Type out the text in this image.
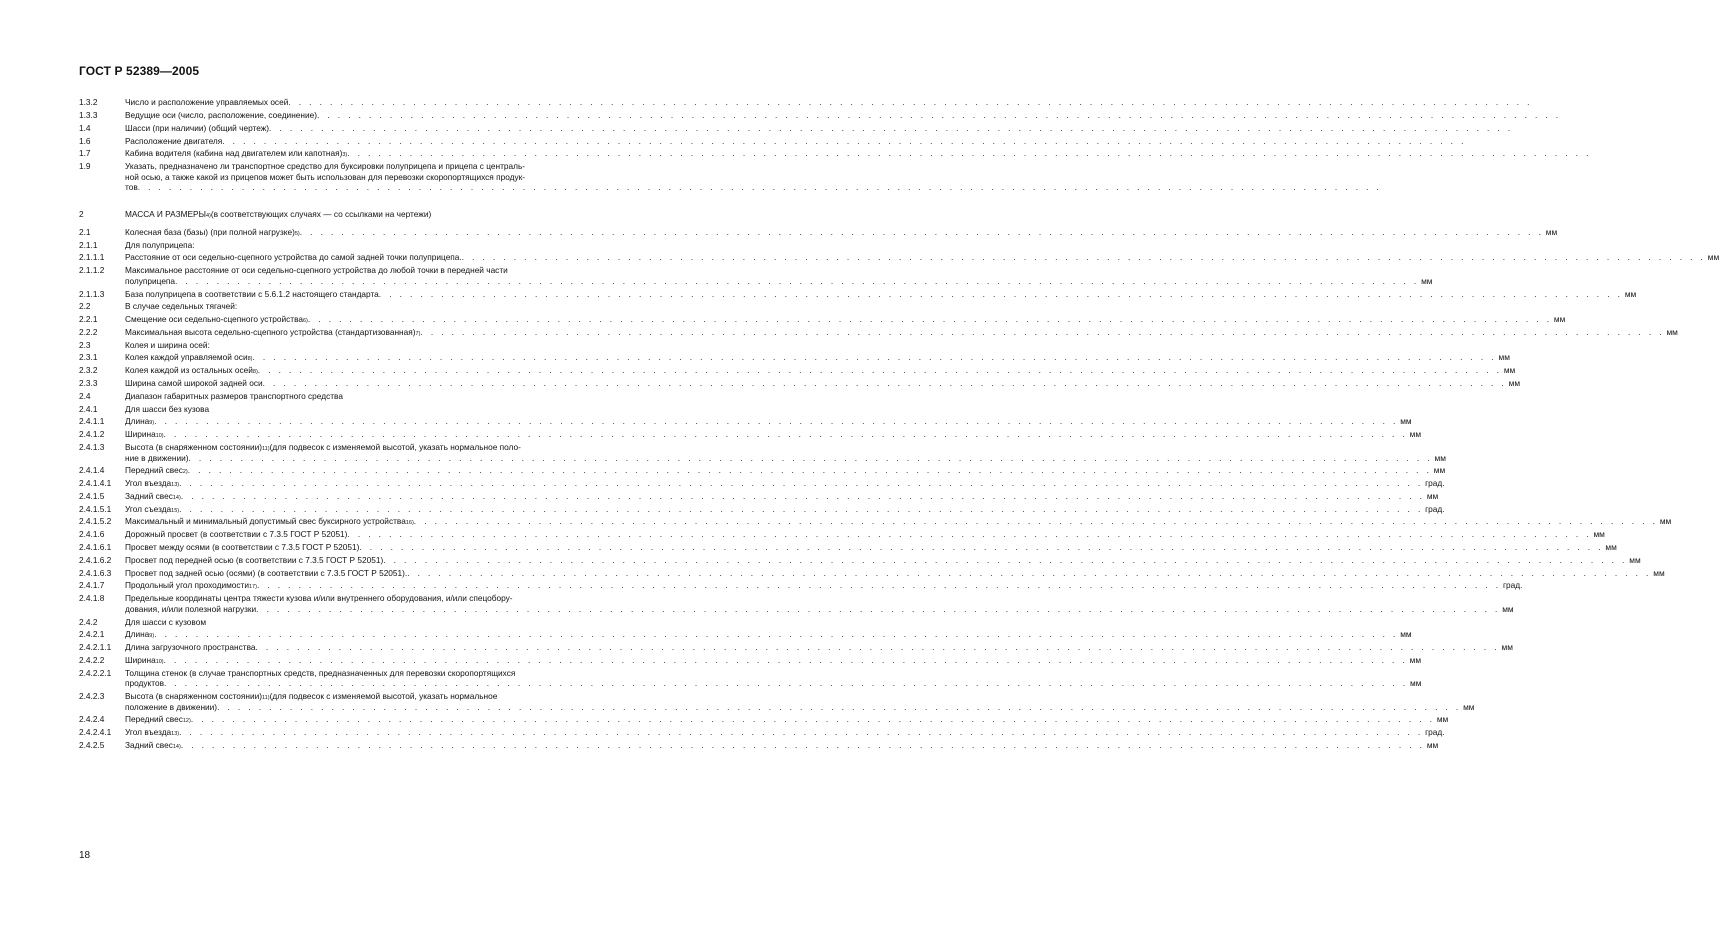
ГОСТ Р 52389—2005
1.3.2	Число и расположение управляемых осей . . . . . . . . . . . . . . . . . . . . . . . . . . . . . . . . . . . . . . . . . . . . . . . . . . . . . . . . . . . . . . . . . . . . . . . . . . . . . . . . . . . . . . . . . . . . . . . . . . . . . . . . . . . . . . . . . . . . . . . .
1.3.3	Ведущие оси (число, расположение, соединение) . . . . . . . . . . . . . . . . . . . . . . . . . . . . . . . . . . . . . . . . . . . . . . . . . . . . . . . . . . . . . . . . . . . . . . . . . . . . . . . . . . . . . . . . . . . . . . . . . . . . . . . . . . . . . . . . . . . . . . . .
1.4	Шасси (при наличии) (общий чертеж) . . . . . . . . . . . . . . . . . . . . . . . . . . . . . . . . . . . . . . . . . . . . . . . . . . . . . . . . . . . . . . . . . . . . . . . . . . . . . . . . . . . . . . . . . . . . . . . . . . . . . . . . . . . . . . . . . . . . . . . .
1.6	Расположение двигателя . . . . . . . . . . . . . . . . . . . . . . . . . . . . . . . . . . . . . . . . . . . . . . . . . . . . . . . . . . . . . . . . . . . . . . . . . . . . . . . . . . . . . . . . . . . . . . . . . . . . . . . . . . . . . . . . . . . . . . . .
1.7	Кабина водителя (кабина над двигателем или капотная) 3) . . . . . . . . . . . . . . . . . . . . . . . . . . . . . . . . . . . . . . . . . . . . . . . . . . . . . . . . . . . . . . . . . . . . . . . . . . . . . . . . . . . . . . . . . . . . . . . . . . . . . . . . . . . . . . . . . . . . . . . .
1.9	Указать, предназначено ли транспортное средство для буксировки полуприцепа и прицепа с централь-
ной осью, а также какой из прицепов может быть использован для перевозки скоропортящихся продук-
тов . . . . . . . . . . . . . . . . . . . . . . . . . . . . . . . . . . . . . . . . . . . . . . . . . . . . . . . . . . . . . . . . . . . . . . . . . . . . . . . . . . . . . . . . . . . . . . . . . . . . . . . . . . . . . . . . . . . . . . . .
2	МАССА И РАЗМЕРЫ 4) (в соответствующих случаях — со ссылками на чертежи)
2.1	Колесная база (базы) (при полной нагрузке) 5) . . . . . . . . . . . . . . . . . . . . . . . . . . . . . . . . . . . . . . . . . . . . . . . . . . . . . . . . . . . . . . . . . . . . . . . . . . . . . . . . . . . . . . . . . . . . . . . . . . . . . . . . . . . . . . . . . . . . . . . . мм
2.1.1	Для полуприцепа:
2.1.1.1 Расстояние от оси седельно-сцепного устройства до самой задней точки полуприцепа. . . . . . . . . . . . . . . . . . . . . . . . . . . . . . . . . . . . . . . . . . . . . . . . . . . . . . . . . . . . . . . . . . . . . . . . . . . . . . . . . . . . . . . . . . . . . . . . . . . . . . . . . . . . . . . . . . . . . . . . . мм
2.1.1.2 Максимальное расстояние от оси седельно-сцепного устройства до любой точки в передней части
полуприцепа . . . . . . . . . . . . . . . . . . . . . . . . . . . . . . . . . . . . . . . . . . . . . . . . . . . . . . . . . . . . . . . . . . . . . . . . . . . . . . . . . . . . . . . . . . . . . . . . . . . . . . . . . . . . . . . . . . . . . . . . мм
2.1.1.3 База полуприцепа в соответствии с 5.6.1.2 настоящего стандарта . . . . . . . . . . . . . . . . . . . . . . . . . . . . . . . . . . . . . . . . . . . . . . . . . . . . . . . . . . . . . . . . . . . . . . . . . . . . . . . . . . . . . . . . . . . . . . . . . . . . . . . . . . . . . . . . . . . . . . . . мм
2.2	В случае седельных тягачей:
2.2.1	Смещение оси седельно-сцепного устройства 6) . . . . . . . . . . . . . . . . . . . . . . . . . . . . . . . . . . . . . . . . . . . . . . . . . . . . . . . . . . . . . . . . . . . . . . . . . . . . . . . . . . . . . . . . . . . . . . . . . . . . . . . . . . . . . . . . . . . . . . . . мм
2.2.2	Максимальная высота седельно-сцепного устройства (стандартизованная) 7) . . . . . . . . . . . . . . . . . . . . . . . . . . . . . . . . . . . . . . . . . . . . . . . . . . . . . . . . . . . . . . . . . . . . . . . . . . . . . . . . . . . . . . . . . . . . . . . . . . . . . . . . . . . . . . . . . . . . . . . . мм
2.3	Колея и ширина осей:
2.3.1	Колея каждой управляемой оси 8) . . . . . . . . . . . . . . . . . . . . . . . . . . . . . . . . . . . . . . . . . . . . . . . . . . . . . . . . . . . . . . . . . . . . . . . . . . . . . . . . . . . . . . . . . . . . . . . . . . . . . . . . . . . . . . . . . . . . . . . . мм
2.3.2	Колея каждой из остальных осей 8) . . . . . . . . . . . . . . . . . . . . . . . . . . . . . . . . . . . . . . . . . . . . . . . . . . . . . . . . . . . . . . . . . . . . . . . . . . . . . . . . . . . . . . . . . . . . . . . . . . . . . . . . . . . . . . . . . . . . . . . . мм
2.3.3	Ширина самой широкой задней оси . . . . . . . . . . . . . . . . . . . . . . . . . . . . . . . . . . . . . . . . . . . . . . . . . . . . . . . . . . . . . . . . . . . . . . . . . . . . . . . . . . . . . . . . . . . . . . . . . . . . . . . . . . . . . . . . . . . . . . . . мм
2.4	Диапазон габаритных размеров транспортного средства
2.4.1	Для шасси без кузова
2.4.1.1 Длина 9) . . . . . . . . . . . . . . . . . . . . . . . . . . . . . . . . . . . . . . . . . . . . . . . . . . . . . . . . . . . . . . . . . . . . . . . . . . . . . . . . . . . . . . . . . . . . . . . . . . . . . . . . . . . . . . . . . . . . . . . . мм
2.4.1.2 Ширина 10) . . . . . . . . . . . . . . . . . . . . . . . . . . . . . . . . . . . . . . . . . . . . . . . . . . . . . . . . . . . . . . . . . . . . . . . . . . . . . . . . . . . . . . . . . . . . . . . . . . . . . . . . . . . . . . . . . . . . . . . . мм
2.4.1.3 Высота (в снаряженном состоянии) 11) (для подвесок с изменяемой высотой, указать нормальное поло-
ние в движении) . . . . . . . . . . . . . . . . . . . . . . . . . . . . . . . . . . . . . . . . . . . . . . . . . . . . . . . . . . . . . . . . . . . . . . . . . . . . . . . . . . . . . . . . . . . . . . . . . . . . . . . . . . . . . . . . . . . . . . . . мм
2.4.1.4 Передний свес 2) . . . . . . . . . . . . . . . . . . . . . . . . . . . . . . . . . . . . . . . . . . . . . . . . . . . . . . . . . . . . . . . . . . . . . . . . . . . . . . . . . . . . . . . . . . . . . . . . . . . . . . . . . . . . . . . . . . . . . . . . мм
2.4.1.4.1 Угол въезда 13) . . . . . . . . . . . . . . . . . . . . . . . . . . . . . . . . . . . . . . . . . . . . . . . . . . . . . . . . . . . . . . . . . . . . . . . . . . . . . . . . . . . . . . . . . . . . . . . . . . . . . . . . . . . . . . . . . . . . . . . . град.
2.4.1.5 Задний свес 14) . . . . . . . . . . . . . . . . . . . . . . . . . . . . . . . . . . . . . . . . . . . . . . . . . . . . . . . . . . . . . . . . . . . . . . . . . . . . . . . . . . . . . . . . . . . . . . . . . . . . . . . . . . . . . . . . . . . . . . . . мм
2.4.1.5.1 Угол съезда 15) . . . . . . . . . . . . . . . . . . . . . . . . . . . . . . . . . . . . . . . . . . . . . . . . . . . . . . . . . . . . . . . . . . . . . . . . . . . . . . . . . . . . . . . . . . . . . . . . . . . . . . . . . . . . . . . . . . . . . . . . град.
2.4.1.5.2 Максимальный и минимальный допустимый свес буксирного устройства 16) . . . . . . . . . . . . . . . . . . . . . . . . . . . . . . . . . . . . . . . . . . . . . . . . . . . . . . . . . . . . . . . . . . . . . . . . . . . . . . . . . . . . . . . . . . . . . . . . . . . . . . . . . . . . . . . . . . . . . . . . мм
2.4.1.6 Дорожный просвет (в соответствии с 7.3.5 ГОСТ Р 52051) . . . . . . . . . . . . . . . . . . . . . . . . . . . . . . . . . . . . . . . . . . . . . . . . . . . . . . . . . . . . . . . . . . . . . . . . . . . . . . . . . . . . . . . . . . . . . . . . . . . . . . . . . . . . . . . . . . . . . . . . мм
2.4.1.6.1 Просвет между осями (в соответствии с 7.3.5 ГОСТ Р 52051) . . . . . . . . . . . . . . . . . . . . . . . . . . . . . . . . . . . . . . . . . . . . . . . . . . . . . . . . . . . . . . . . . . . . . . . . . . . . . . . . . . . . . . . . . . . . . . . . . . . . . . . . . . . . . . . . . . . . . . . . мм
2.4.1.6.2 Просвет под передней осью (в соответствии с 7.3.5 ГОСТ Р 52051) . . . . . . . . . . . . . . . . . . . . . . . . . . . . . . . . . . . . . . . . . . . . . . . . . . . . . . . . . . . . . . . . . . . . . . . . . . . . . . . . . . . . . . . . . . . . . . . . . . . . . . . . . . . . . . . . . . . . . . . . мм
2.4.1.6.3 Просвет под задней осью (осями) (в соответствии с 7.3.5 ГОСТ Р 52051). . . . . . . . . . . . . . . . . . . . . . . . . . . . . . . . . . . . . . . . . . . . . . . . . . . . . . . . . . . . . . . . . . . . . . . . . . . . . . . . . . . . . . . . . . . . . . . . . . . . . . . . . . . . . . . . . . . . . . . . . мм
2.4.1.7 Продольный угол проходимости 17) . . . . . . . . . . . . . . . . . . . . . . . . . . . . . . . . . . . . . . . . . . . . . . . . . . . . . . . . . . . . . . . . . . . . . . . . . . . . . . . . . . . . . . . . . . . . . . . . . . . . . . . . . . . . . . . . . . . . . . . . град.
2.4.1.8 Предельные координаты центра тяжести кузова и/или внутреннего оборудования, и/или спецобору-
дования, и/или полезной нагрузки . . . . . . . . . . . . . . . . . . . . . . . . . . . . . . . . . . . . . . . . . . . . . . . . . . . . . . . . . . . . . . . . . . . . . . . . . . . . . . . . . . . . . . . . . . . . . . . . . . . . . . . . . . . . . . . . . . . . . . . . мм
2.4.2	Для шасси с кузовом
2.4.2.1 Длина 9) . . . . . . . . . . . . . . . . . . . . . . . . . . . . . . . . . . . . . . . . . . . . . . . . . . . . . . . . . . . . . . . . . . . . . . . . . . . . . . . . . . . . . . . . . . . . . . . . . . . . . . . . . . . . . . . . . . . . . . . . мм
2.4.2.1.1 Длина загрузочного пространства . . . . . . . . . . . . . . . . . . . . . . . . . . . . . . . . . . . . . . . . . . . . . . . . . . . . . . . . . . . . . . . . . . . . . . . . . . . . . . . . . . . . . . . . . . . . . . . . . . . . . . . . . . . . . . . . . . . . . . . . мм
2.4.2.2 Ширина 10) . . . . . . . . . . . . . . . . . . . . . . . . . . . . . . . . . . . . . . . . . . . . . . . . . . . . . . . . . . . . . . . . . . . . . . . . . . . . . . . . . . . . . . . . . . . . . . . . . . . . . . . . . . . . . . . . . . . . . . . . мм
2.4.2.2.1 Толщина стенок (в случае транспортных средств, предназначенных для перевозки скоропортящихся
продуктов . . . . . . . . . . . . . . . . . . . . . . . . . . . . . . . . . . . . . . . . . . . . . . . . . . . . . . . . . . . . . . . . . . . . . . . . . . . . . . . . . . . . . . . . . . . . . . . . . . . . . . . . . . . . . . . . . . . . . . . . мм
2.4.2.3 Высота (в снаряженном состоянии) 11) (для подвесок с изменяемой высотой, указать нормальное
положение в движении) . . . . . . . . . . . . . . . . . . . . . . . . . . . . . . . . . . . . . . . . . . . . . . . . . . . . . . . . . . . . . . . . . . . . . . . . . . . . . . . . . . . . . . . . . . . . . . . . . . . . . . . . . . . . . . . . . . . . . . . . мм
2.4.2.4 Передний свес 12) . . . . . . . . . . . . . . . . . . . . . . . . . . . . . . . . . . . . . . . . . . . . . . . . . . . . . . . . . . . . . . . . . . . . . . . . . . . . . . . . . . . . . . . . . . . . . . . . . . . . . . . . . . . . . . . . . . . . . . . . мм
2.4.2.4.1 Угол въезда 13) . . . . . . . . . . . . . . . . . . . . . . . . . . . . . . . . . . . . . . . . . . . . . . . . . . . . . . . . . . . . . . . . . . . . . . . . . . . . . . . . . . . . . . . . . . . . . . . . . . . . . . . . . . . . . . . . . . . . . . . . град.
2.4.2.5 Задний свес 14) . . . . . . . . . . . . . . . . . . . . . . . . . . . . . . . . . . . . . . . . . . . . . . . . . . . . . . . . . . . . . . . . . . . . . . . . . . . . . . . . . . . . . . . . . . . . . . . . . . . . . . . . . . . . . . . . . . . . . . . . мм
18
